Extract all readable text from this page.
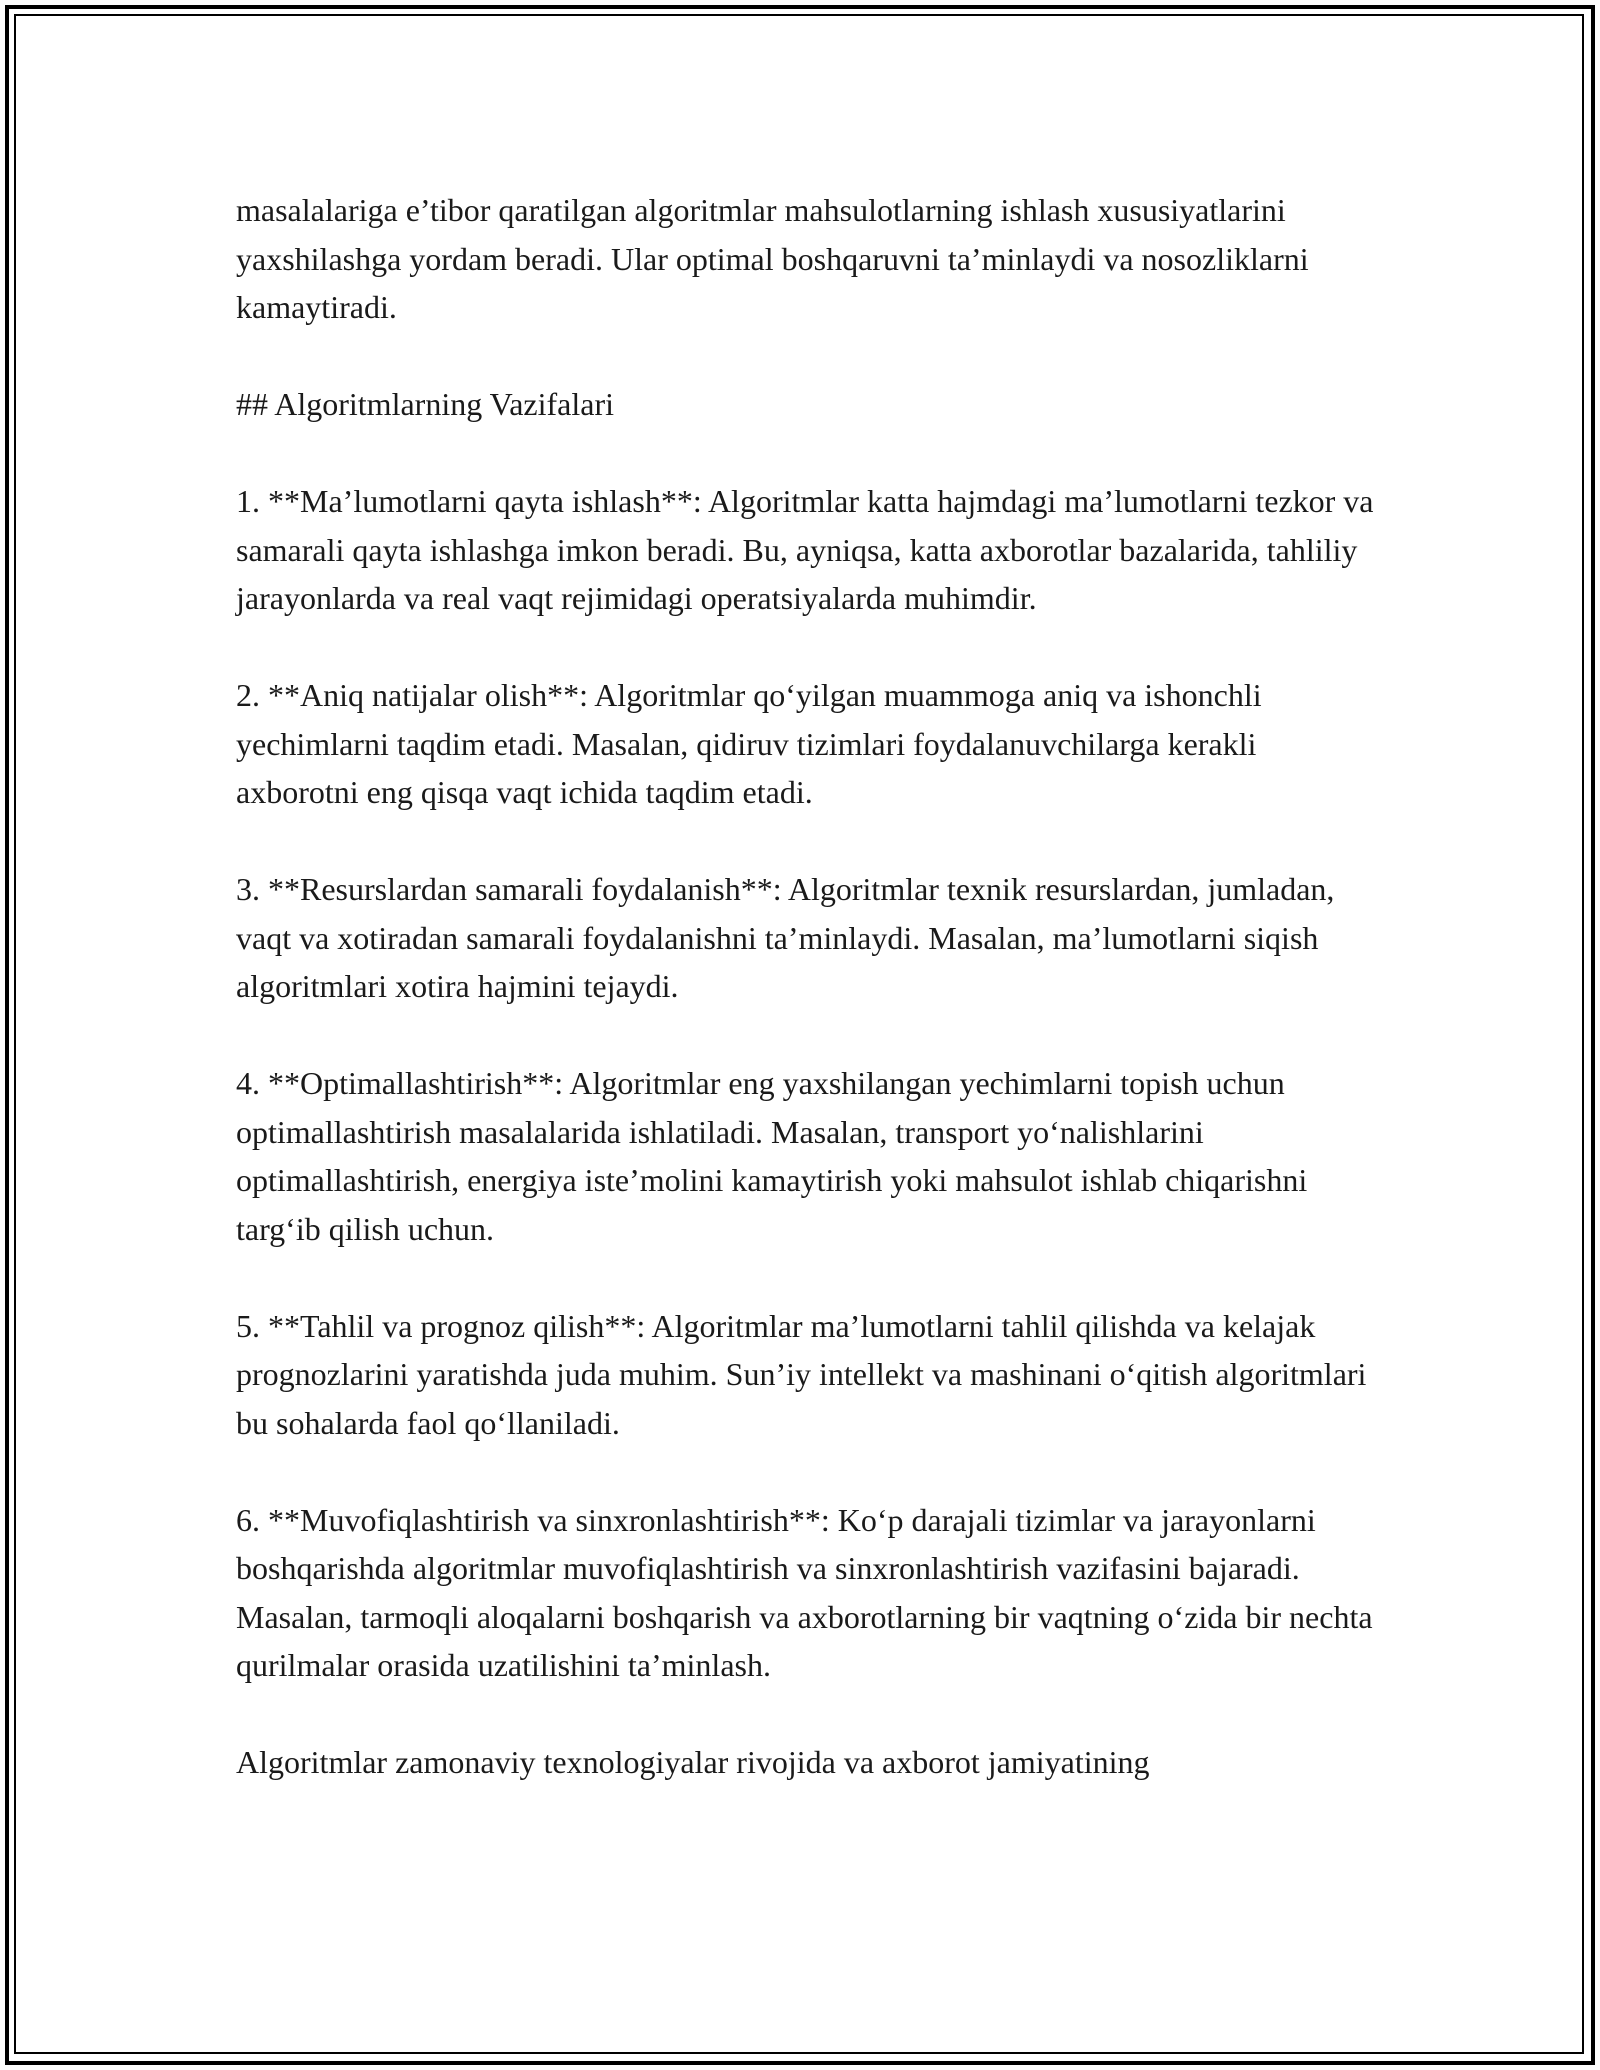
masalalariga e’tibor qaratilgan algoritmlar mahsulotlarning ishlash xususiyatlarini yaxshilashga yordam beradi. Ular optimal boshqaruvni ta’minlaydi va nosozliklarni kamaytiradi.

## Algoritmlarning Vazifalari

1. **Ma’lumotlarni qayta ishlash**: Algoritmlar katta hajmdagi ma’lumotlarni tezkor va samarali qayta ishlashga imkon beradi. Bu, ayniqsa, katta axborotlar bazalarida, tahliliy jarayonlarda va real vaqt rejimidagi operatsiyalarda muhimdir.

2. **Aniq natijalar olish**: Algoritmlar qo‘yilgan muammoga aniq va ishonchli yechimlarni taqdim etadi. Masalan, qidiruv tizimlari foydalanuvchilarga kerakli axborotni eng qisqa vaqt ichida taqdim etadi.

3. **Resurslardan samarali foydalanish**: Algoritmlar texnik resurslardan, jumladan, vaqt va xotiradan samarali foydalanishni ta’minlaydi. Masalan, ma’lumotlarni siqish algoritmlari xotira hajmini tejaydi.

4. **Optimallashtirish**: Algoritmlar eng yaxshilangan yechimlarni topish uchun optimallashtirish masalalarida ishlatiladi. Masalan, transport yo‘nalishlarini optimallashtirish, energiya iste’molini kamaytirish yoki mahsulot ishlab chiqarishni targ‘ib qilish uchun.

5. **Tahlil va prognoz qilish**: Algoritmlar ma’lumotlarni tahlil qilishda va kelajak prognozlarini yaratishda juda muhim. Sun’iy intellekt va mashinani o‘qitish algoritmlari bu sohalarda faol qo‘llaniladi.

6. **Muvofiqlashtirish va sinxronlashtirish**: Ko‘p darajali tizimlar va jarayonlarni boshqarishda algoritmlar muvofiqlashtirish va sinxronlashtirish vazifasini bajaradi. Masalan, tarmoqli aloqalarni boshqarish va axborotlarning bir vaqtning o‘zida bir nechta qurilmalar orasida uzatilishini ta’minlash.

Algoritmlar zamonaviy texnologiyalar rivojida va axborot jamiyatining
